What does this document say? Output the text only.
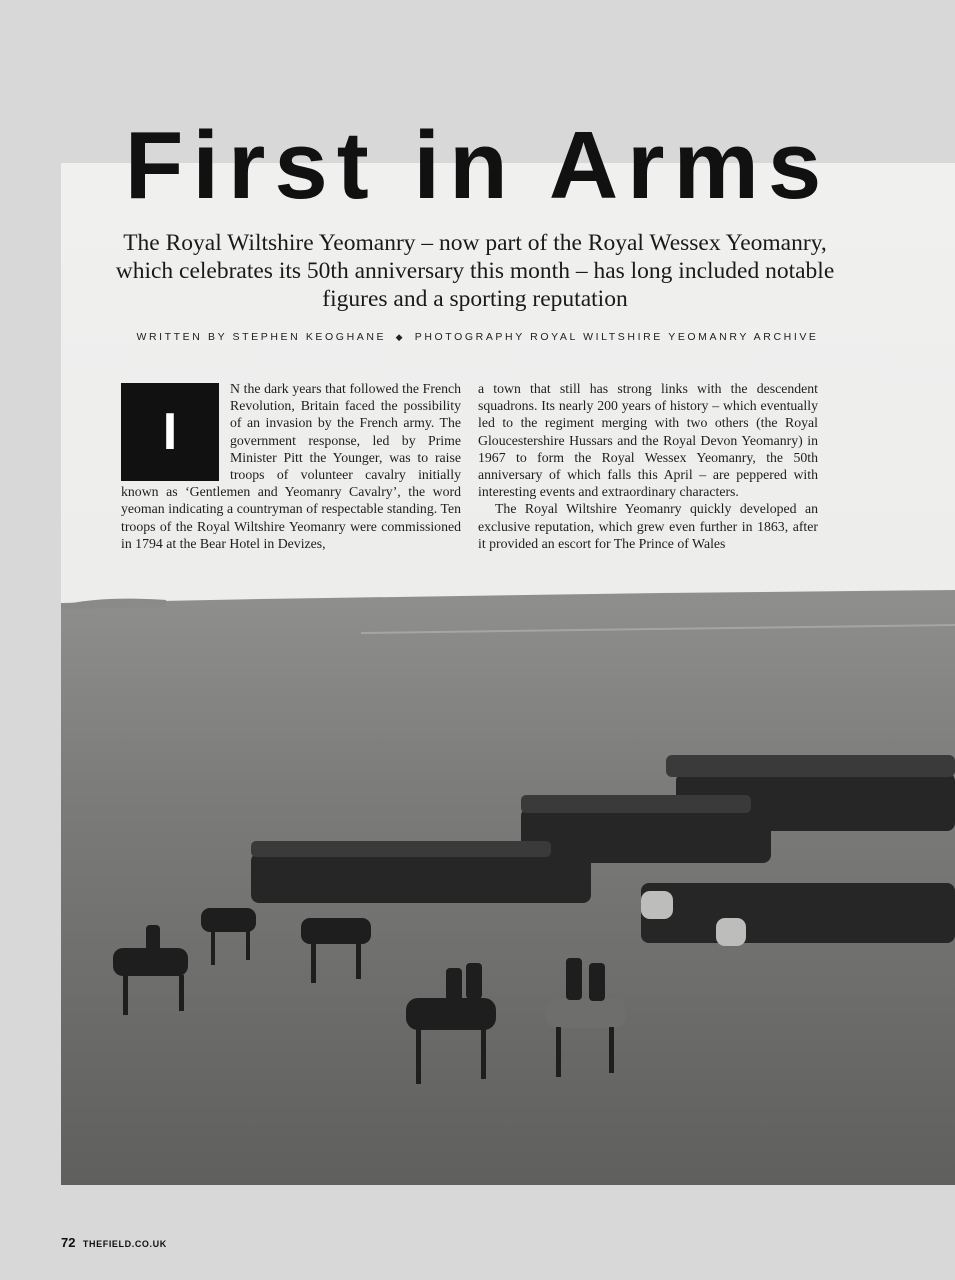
First in Arms

The Royal Wiltshire Yeomanry – now part of the Royal Wessex Yeomanry, which celebrates its 50th anniversary this month – has long included notable figures and a sporting reputation

WRITTEN BY STEPHEN KEOGHANE ◆ PHOTOGRAPHY ROYAL WILTSHIRE YEOMANRY ARCHIVE

I
N the dark years that followed the French Revolution, Britain faced the possibility of an invasion by the French army. The government response, led by Prime Minister Pitt the Younger, was to raise troops of volunteer cavalry initially known as ‘Gentlemen and Yeomanry Cavalry’, the word yeoman indicating a countryman of respectable standing. Ten troops of the Royal Wiltshire Yeomanry were commissioned in 1794 at the Bear Hotel in Devizes,

a town that still has strong links with the descendent squadrons. Its nearly 200 years of history – which eventually led to the regiment merging with two others (the Royal Gloucestershire Hussars and the Royal Devon Yeomanry) in 1967 to form the Royal Wessex Yeomanry, the 50th anniversary of which falls this April – are peppered with interesting events and extraordinary characters.

The Royal Wiltshire Yeomanry quickly developed an exclusive reputation, which grew even further in 1863, after it provided an escort for The Prince of Wales

72 THEFIELD.CO.UK
